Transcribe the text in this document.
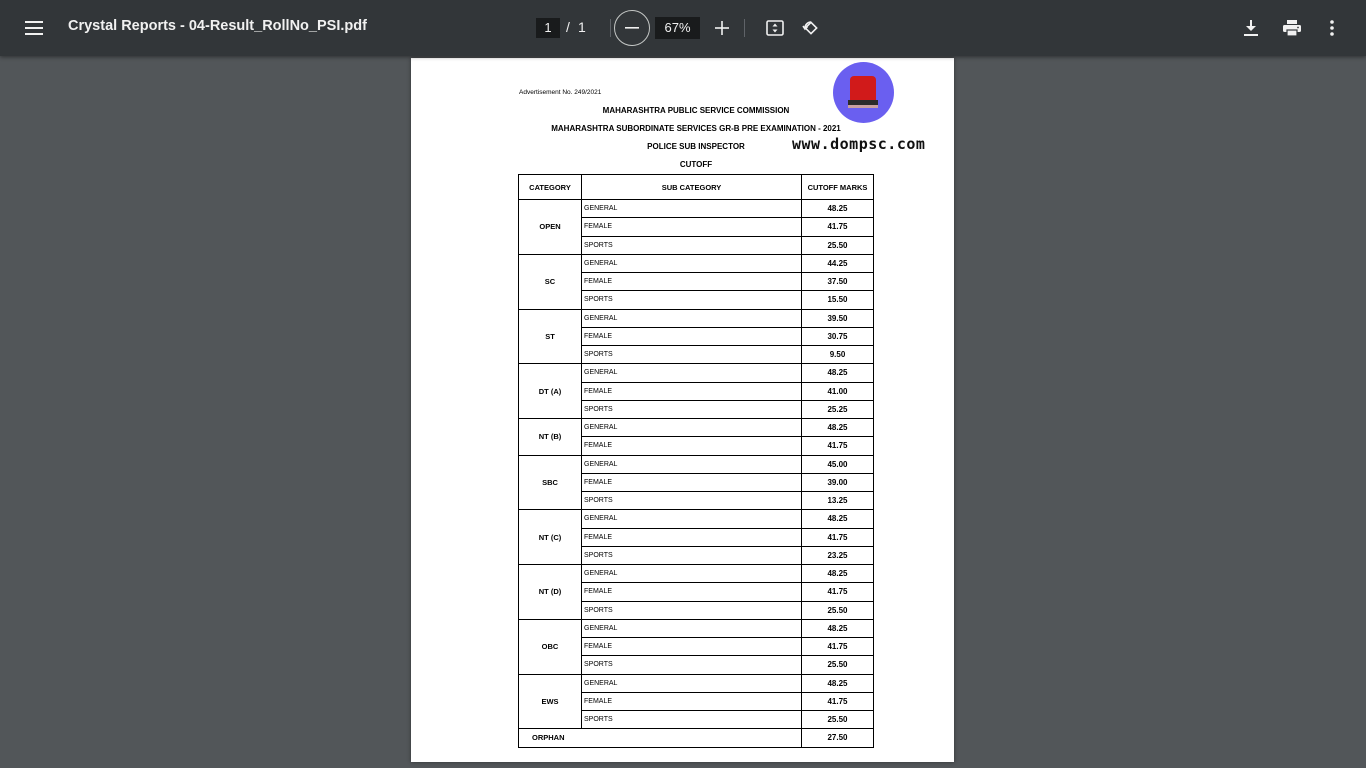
Crystal Reports - 04-Result_RollNo_PSI.pdf	1	/ 1	67%
Advertisement No. 249/2021
MAHARASHTRA PUBLIC SERVICE COMMISSION
MAHARASHTRA SUBORDINATE SERVICES GR-B PRE EXAMINATION - 2021
POLICE SUB INSPECTOR
CUTOFF
www.dompsc.com
CATEGORY	SUB CATEGORY	CUTOFF MARKS
OPEN	GENERAL	48.25
	FEMALE	41.75
	SPORTS	25.50
SC	GENERAL	44.25
	FEMALE	37.50
	SPORTS	15.50
ST	GENERAL	39.50
	FEMALE	30.75
	SPORTS	9.50
DT (A)	GENERAL	48.25
	FEMALE	41.00
	SPORTS	25.25
NT (B)	GENERAL	48.25
	FEMALE	41.75
SBC	GENERAL	45.00
	FEMALE	39.00
	SPORTS	13.25
NT (C)	GENERAL	48.25
	FEMALE	41.75
	SPORTS	23.25
NT (D)	GENERAL	48.25
	FEMALE	41.75
	SPORTS	25.50
OBC	GENERAL	48.25
	FEMALE	41.75
	SPORTS	25.50
EWS	GENERAL	48.25
	FEMALE	41.75
	SPORTS	25.50
ORPHAN		27.50
